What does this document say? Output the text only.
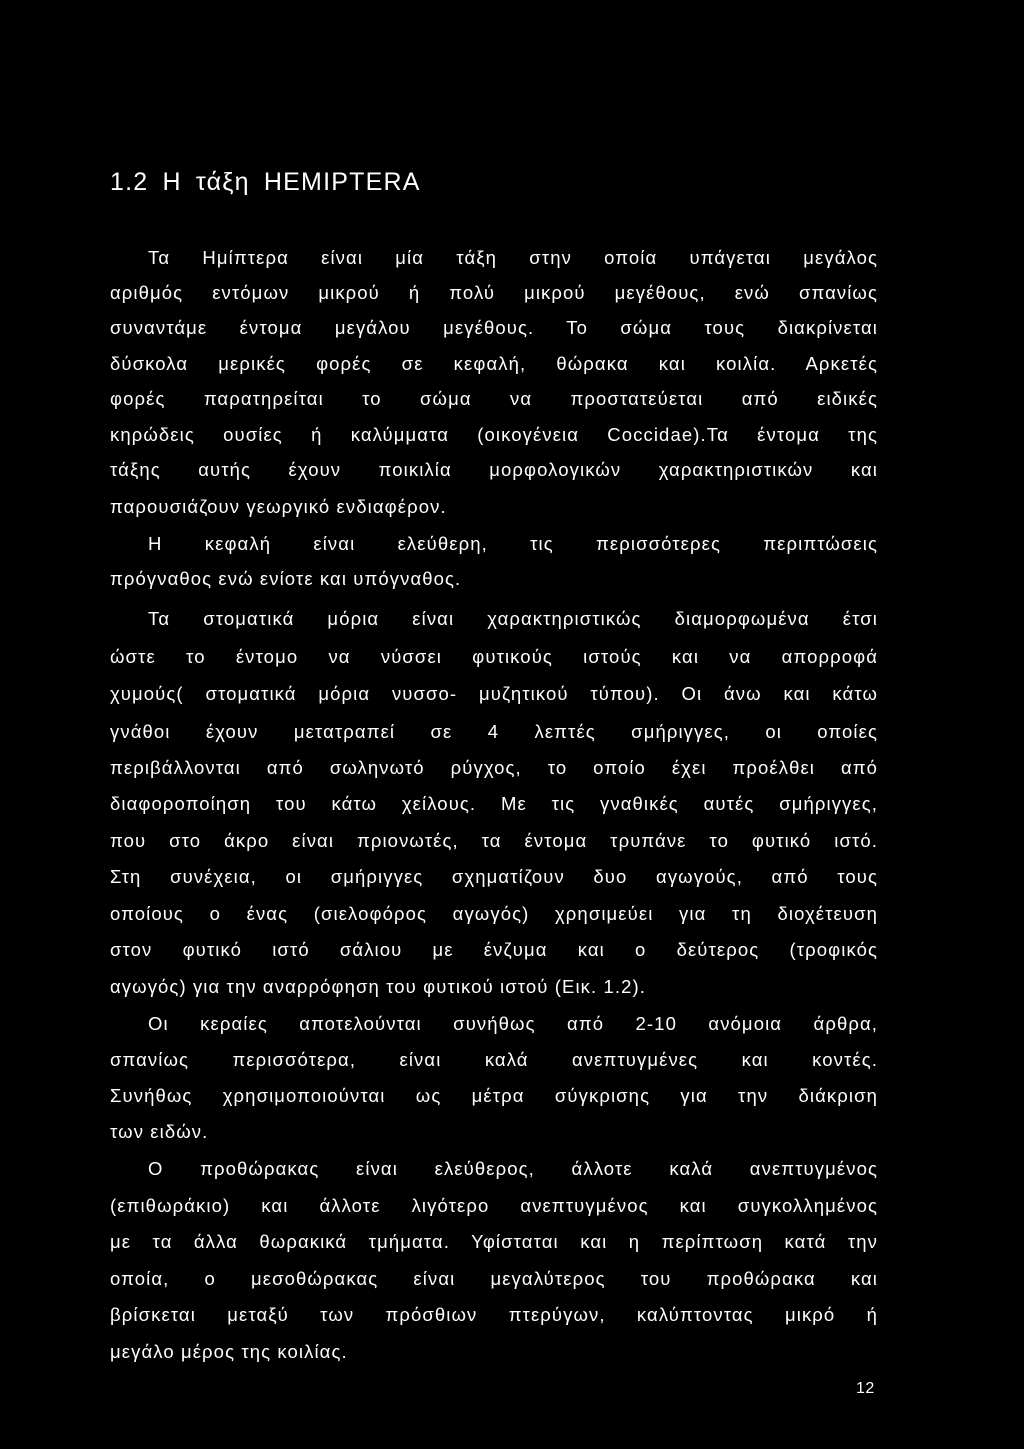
1.2 Η τάξη HEMIPTERA
Τα Ημίπτερα είναι μία τάξη στην οποία υπάγεται μεγάλος
αριθμός εντόμων μικρού ή πολύ μικρού μεγέθους, ενώ σπανίως
συναντάμε έντομα μεγάλου μεγέθους. Το σώμα τους διακρίνεται
δύσκολα μερικές φορές σε κεφαλή, θώρακα και κοιλία. Αρκετές
φορές παρατηρείται το σώμα να προστατεύεται από ειδικές
κηρώδεις ουσίες ή καλύμματα (οικογένεια Coccidae).Τα έντομα της
τάξης αυτής έχουν ποικιλία μορφολογικών χαρακτηριστικών και
παρουσιάζουν γεωργικό ενδιαφέρον.
Η κεφαλή είναι ελεύθερη, τις περισσότερες περιπτώσεις
πρόγναθος ενώ ενίοτε και υπόγναθος.
Τα στοματικά μόρια είναι χαρακτηριστικώς διαμορφωμένα έτσι
ώστε το έντομο να νύσσει φυτικούς ιστούς και να απορροφά
χυμούς( στοματικά μόρια νυσσο- μυζητικού τύπου). Οι άνω και κάτω
γνάθοι έχουν μετατραπεί σε 4 λεπτές σμήριγγες, οι οποίες
περιβάλλονται από σωληνωτό ρύγχος, το οποίο έχει προέλθει από
διαφοροποίηση του κάτω χείλους. Με τις γναθικές αυτές σμήριγγες,
που στο άκρο είναι πριονωτές, τα έντομα τρυπάνε το φυτικό ιστό.
Στη συνέχεια, οι σμήριγγες σχηματίζουν δυο αγωγούς, από τους
οποίους ο ένας (σιελοφόρος αγωγός) χρησιμεύει για τη διοχέτευση
στον φυτικό ιστό σάλιου με ένζυμα και ο δεύτερος (τροφικός
αγωγός) για την αναρρόφηση του φυτικού ιστού (Εικ. 1.2).
Οι κεραίες αποτελούνται συνήθως από 2-10 ανόμοια άρθρα,
σπανίως περισσότερα, είναι καλά ανεπτυγμένες και κοντές.
Συνήθως χρησιμοποιούνται ως μέτρα σύγκρισης για την διάκριση
των ειδών.
Ο προθώρακας είναι ελεύθερος, άλλοτε καλά ανεπτυγμένος
(επιθωράκιο) και άλλοτε λιγότερο ανεπτυγμένος και συγκολλημένος
με τα άλλα θωρακικά τμήματα. Υφίσταται και η περίπτωση κατά την
οποία, ο μεσοθώρακας είναι μεγαλύτερος του προθώρακα και
βρίσκεται μεταξύ των πρόσθιων πτερύγων, καλύπτοντας μικρό ή
μεγάλο μέρος της κοιλίας.
12
